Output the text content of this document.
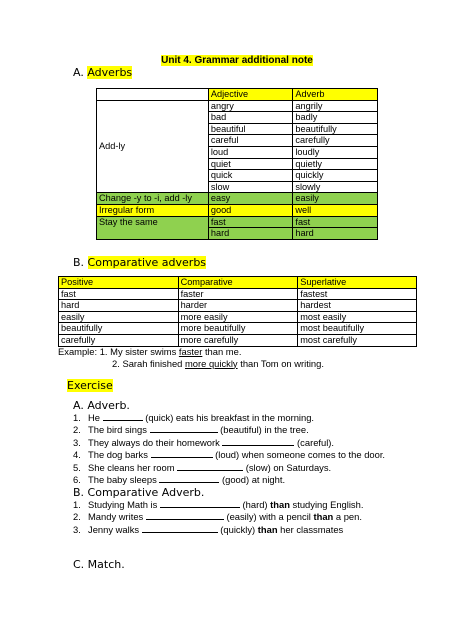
Unit 4. Grammar additional note
A. Adverbs
	Adjective	Adverb
Add-ly	angry	angrily
	bad	badly
	beautiful	beautifully
	careful	carefully
	loud	loudly
	quiet	quietly
	quick	quickly
	slow	slowly
Change -y to -i, add -ly	easy	easily
Irregular form	good	well
Stay the same	fast	fast
	hard	hard
B. Comparative adverbs
Positive	Comparative	Superlative
fast	faster	fastest
hard	harder	hardest
easily	more easily	most easily
beautifully	more beautifully	most beautifully
carefully	more carefully	most carefully
Example: 1. My sister swims faster than me.
2. Sarah finished more quickly than Tom on writing.
Exercise
A. Adverb.
1. He	(quick) eats his breakfast in the morning.
2. The bird sings	(beautiful) in the tree.
3. They always do their homework	(careful).
4. The dog barks	(loud) when someone comes to the door.
5. She cleans her room	(slow) on Saturdays.
6. The baby sleeps	(good) at night.
B. Comparative Adverb.
1. Studying Math is	(hard) than studying English.
2. Mandy writes	(easily) with a pencil than a pen.
3. Jenny walks	(quickly) than her classmates
C. Match.
